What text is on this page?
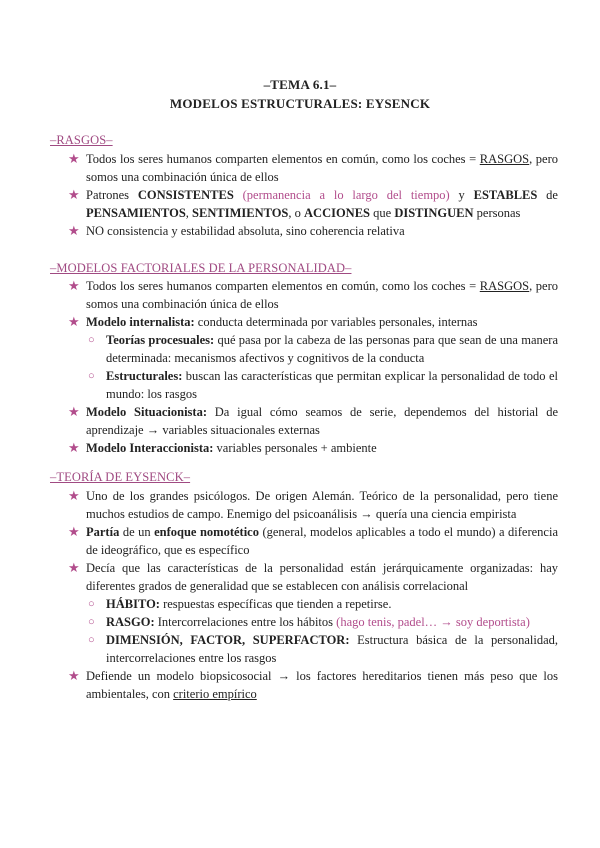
–TEMA 6.1–
MODELOS ESTRUCTURALES: EYSENCK
–RASGOS–
★ Todos los seres humanos comparten elementos en común, como los coches = RASGOS, pero somos una combinación única de ellos
★ Patrones CONSISTENTES (permanencia a lo largo del tiempo) y ESTABLES de PENSAMIENTOS, SENTIMIENTOS, o ACCIONES que DISTINGUEN personas
★ NO consistencia y estabilidad absoluta, sino coherencia relativa
–MODELOS FACTORIALES DE LA PERSONALIDAD–
★ Todos los seres humanos comparten elementos en común, como los coches = RASGOS, pero somos una combinación única de ellos
★ Modelo internalista: conducta determinada por variables personales, internas
○ Teorías procesuales: qué pasa por la cabeza de las personas para que sean de una manera determinada: mecanismos afectivos y cognitivos de la conducta
○ Estructurales: buscan las características que permitan explicar la personalidad de todo el mundo: los rasgos
★ Modelo Situacionista: Da igual cómo seamos de serie, dependemos del historial de aprendizaje → variables situacionales externas
★ Modelo Interaccionista: variables personales + ambiente
–TEORÍA DE EYSENCK–
★ Uno de los grandes psicólogos. De origen Alemán. Teórico de la personalidad, pero tiene muchos estudios de campo. Enemigo del psicoanálisis → quería una ciencia empirista
★ Partía de un enfoque nomotético (general, modelos aplicables a todo el mundo) a diferencia de ideográfico, que es específico
★ Decía que las características de la personalidad están jerárquicamente organizadas: hay diferentes grados de generalidad que se establecen con análisis correlacional
○ HÁBITO: respuestas específicas que tienden a repetirse.
○ RASGO: Intercorrelaciones entre los hábitos (hago tenis, padel… → soy deportista)
○ DIMENSIÓN, FACTOR, SUPERFACTOR: Estructura básica de la personalidad, intercorrelaciones entre los rasgos
★ Defiende un modelo biopsicosocial → los factores hereditarios tienen más peso que los ambientales, con criterio empírico
